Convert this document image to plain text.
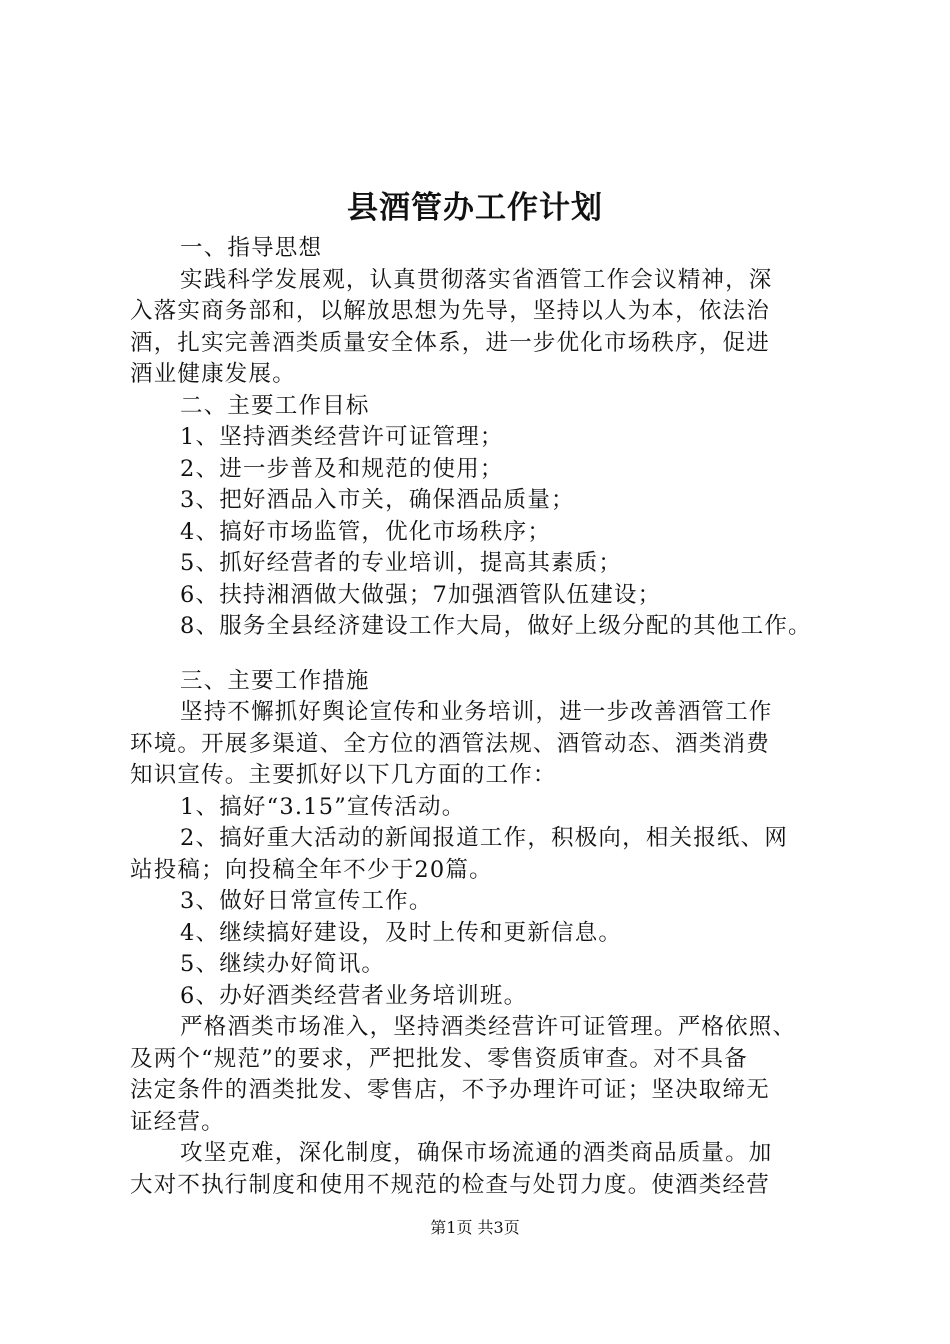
县酒管办工作计划
一、指导思想
实践科学发展观，认真贯彻落实省酒管工作会议精神，深
入落实商务部和，以解放思想为先导，坚持以人为本，依法治
酒，扎实完善酒类质量安全体系，进一步优化市场秩序，促进
酒业健康发展。
二、主要工作目标
1、坚持酒类经营许可证管理；
2、进一步普及和规范的使用；
3、把好酒品入市关，确保酒品质量；
4、搞好市场监管，优化市场秩序；
5、抓好经营者的专业培训，提高其素质；
6、扶持湘酒做大做强；7加强酒管队伍建设；
8、服务全县经济建设工作大局，做好上级分配的其他工作。
三、主要工作措施
坚持不懈抓好舆论宣传和业务培训，进一步改善酒管工作
环境。开展多渠道、全方位的酒管法规、酒管动态、酒类消费
知识宣传。主要抓好以下几方面的工作：
1、搞好“3.15”宣传活动。
2、搞好重大活动的新闻报道工作，积极向，相关报纸、网
站投稿；向投稿全年不少于20篇。
3、做好日常宣传工作。
4、继续搞好建设，及时上传和更新信息。
5、继续办好简讯。
6、办好酒类经营者业务培训班。
严格酒类市场准入，坚持酒类经营许可证管理。严格依照、
及两个“规范”的要求，严把批发、零售资质审查。对不具备
法定条件的酒类批发、零售店，不予办理许可证；坚决取缔无
证经营。
攻坚克难，深化制度，确保市场流通的酒类商品质量。加
大对不执行制度和使用不规范的检查与处罚力度。使酒类经营
第1页 共3页
